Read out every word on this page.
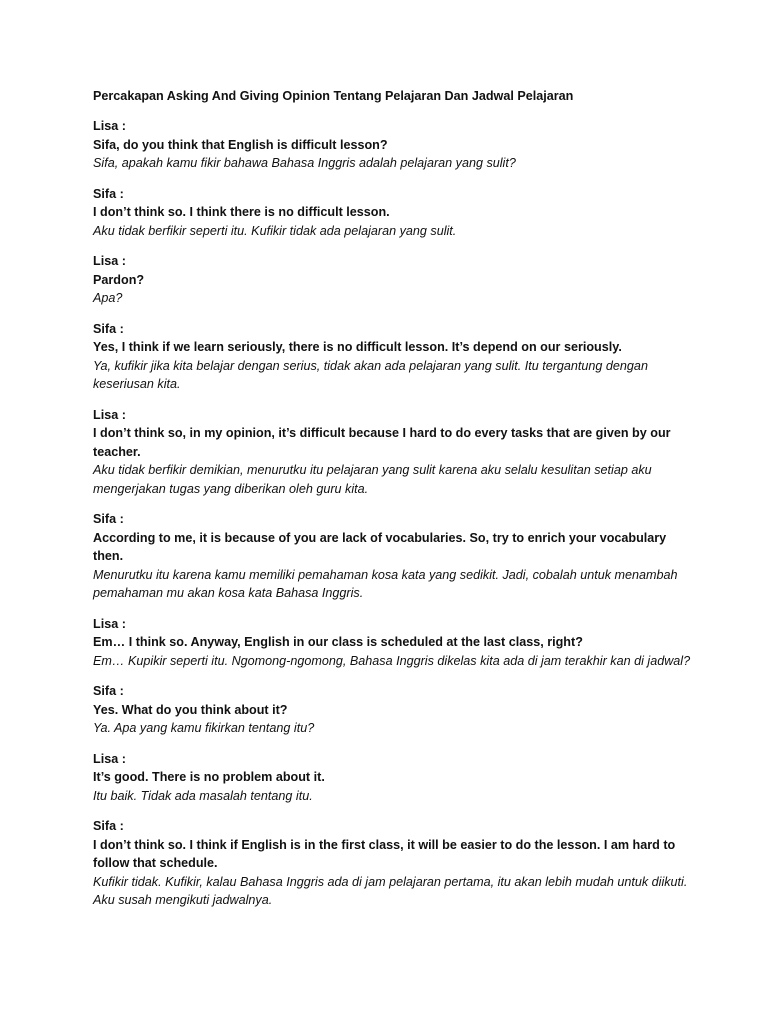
Percakapan Asking And Giving Opinion Tentang Pelajaran Dan Jadwal Pelajaran
Lisa :
Sifa, do you think that English is difficult lesson?
Sifa, apakah kamu fikir bahawa Bahasa Inggris adalah pelajaran yang sulit?
Sifa :
I don’t think so. I think there is no difficult lesson.
Aku tidak berfikir seperti itu. Kufikir tidak ada pelajaran yang sulit.
Lisa :
Pardon?
Apa?
Sifa :
Yes, I think if we learn seriously, there is no difficult lesson. It’s depend on our seriously.
Ya, kufikir jika kita belajar dengan serius, tidak akan ada pelajaran yang sulit. Itu tergantung dengan keseriusan kita.
Lisa :
I don’t think so, in my opinion, it’s difficult because I hard to do every tasks that are given by our teacher.
Aku tidak berfikir demikian, menurutku itu pelajaran yang sulit karena aku selalu kesulitan setiap aku mengerjakan tugas yang diberikan oleh guru kita.
Sifa :
According to me, it is because of you are lack of vocabularies. So, try to enrich your vocabulary then.
Menurutku itu karena kamu memiliki pemahaman kosa kata yang sedikit. Jadi, cobalah untuk menambah pemahaman mu akan kosa kata Bahasa Inggris.
Lisa :
Em… I think so. Anyway, English in our class is scheduled at the last class, right?
Em… Kupikir seperti itu. Ngomong-ngomong, Bahasa Inggris dikelas kita ada di jam terakhir kan di jadwal?
Sifa :
Yes. What do you think about it?
Ya. Apa yang kamu fikirkan tentang itu?
Lisa :
It’s good. There is no problem about it.
Itu baik. Tidak ada masalah tentang itu.
Sifa :
I don’t think so. I think if English is in the first class, it will be easier to do the lesson. I am hard to follow that schedule.
Kufikir tidak. Kufikir, kalau Bahasa Inggris ada di jam pelajaran pertama, itu akan lebih mudah untuk diikuti. Aku susah mengikuti jadwalnya.
